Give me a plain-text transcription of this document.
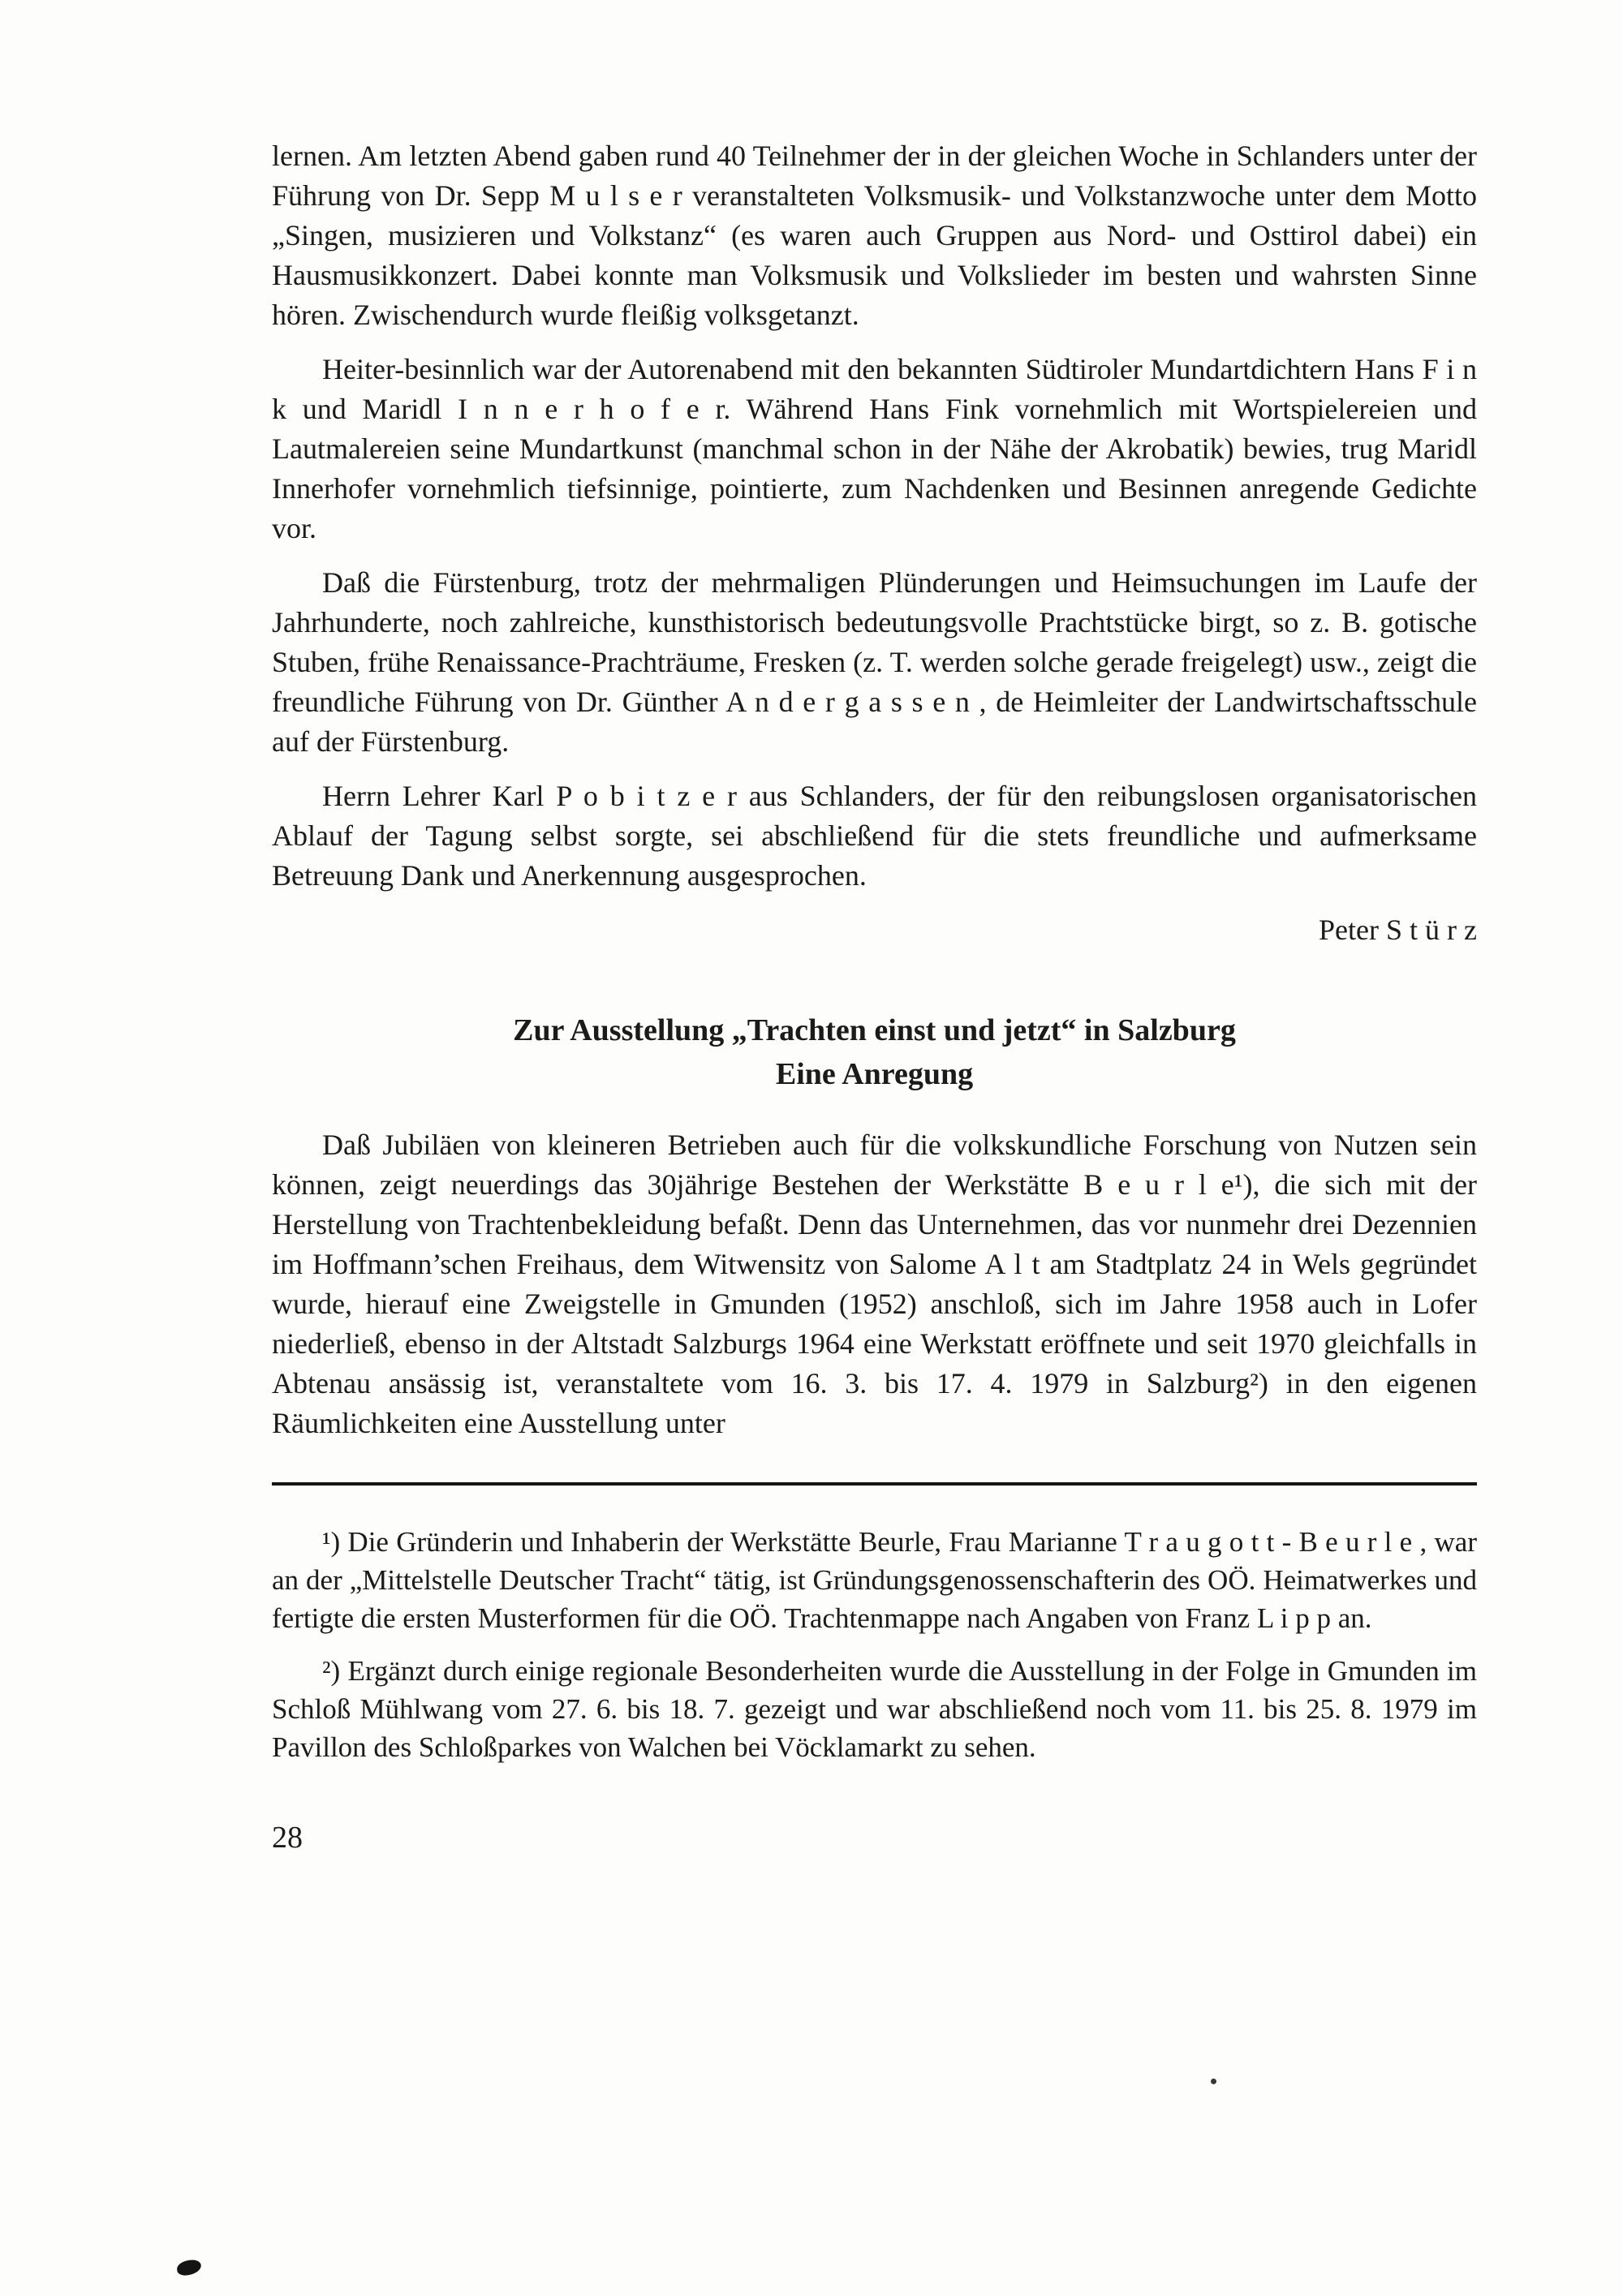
lernen. Am letzten Abend gaben rund 40 Teilnehmer der in der gleichen Woche in Schlanders unter der Führung von Dr. Sepp M u l s e r veranstalteten Volksmusik- und Volkstanzwoche unter dem Motto „Singen, musizieren und Volkstanz“ (es waren auch Gruppen aus Nord- und Osttirol dabei) ein Hausmusikkonzert. Dabei konnte man Volksmusik und Volkslieder im besten und wahrsten Sinne hören. Zwischendurch wurde fleißig volksgetanzt.

Heiter-besinnlich war der Autorenabend mit den bekannten Südtiroler Mundartdichtern Hans F i n k und Maridl I n n e r h o f e r. Während Hans Fink vornehmlich mit Wortspielereien und Lautmalereien seine Mundartkunst (manchmal schon in der Nähe der Akrobatik) bewies, trug Maridl Innerhofer vornehmlich tiefsinnige, pointierte, zum Nachdenken und Besinnen anregende Gedichte vor.

Daß die Fürstenburg, trotz der mehrmaligen Plünderungen und Heimsuchungen im Laufe der Jahrhunderte, noch zahlreiche, kunsthistorisch bedeutungsvolle Prachtstücke birgt, so z. B. gotische Stuben, frühe Renaissance-Prachträume, Fresken (z. T. werden solche gerade freigelegt) usw., zeigt die freundliche Führung von Dr. Günther A n d e r g a s s e n , de Heimleiter der Landwirtschaftsschule auf der Fürstenburg.

Herrn Lehrer Karl P o b i t z e r aus Schlanders, der für den reibungslosen organisatorischen Ablauf der Tagung selbst sorgte, sei abschließend für die stets freundliche und aufmerksame Betreuung Dank und Anerkennung ausgesprochen.

Peter S t ü r z

Zur Ausstellung „Trachten einst und jetzt“ in Salzburg
Eine Anregung

Daß Jubiläen von kleineren Betrieben auch für die volkskundliche Forschung von Nutzen sein können, zeigt neuerdings das 30jährige Bestehen der Werkstätte B e u r l e¹), die sich mit der Herstellung von Trachtenbekleidung befaßt. Denn das Unternehmen, das vor nunmehr drei Dezennien im Hoffmann’schen Freihaus, dem Witwensitz von Salome A l t am Stadtplatz 24 in Wels gegründet wurde, hierauf eine Zweigstelle in Gmunden (1952) anschloß, sich im Jahre 1958 auch in Lofer niederließ, ebenso in der Altstadt Salzburgs 1964 eine Werkstatt eröffnete und seit 1970 gleichfalls in Abtenau ansässig ist, veranstaltete vom 16. 3. bis 17. 4. 1979 in Salzburg²) in den eigenen Räumlichkeiten eine Ausstellung unter

¹) Die Gründerin und Inhaberin der Werkstätte Beurle, Frau Marianne T r a u g o t t - B e u r l e , war an der „Mittelstelle Deutscher Tracht“ tätig, ist Gründungsgenossenschafterin des OÖ. Heimatwerkes und fertigte die ersten Musterformen für die OÖ. Trachtenmappe nach Angaben von Franz L i p p an.

²) Ergänzt durch einige regionale Besonderheiten wurde die Ausstellung in der Folge in Gmunden im Schloß Mühlwang vom 27. 6. bis 18. 7. gezeigt und war abschließend noch vom 11. bis 25. 8. 1979 im Pavillon des Schloßparkes von Walchen bei Vöcklamarkt zu sehen.

28
